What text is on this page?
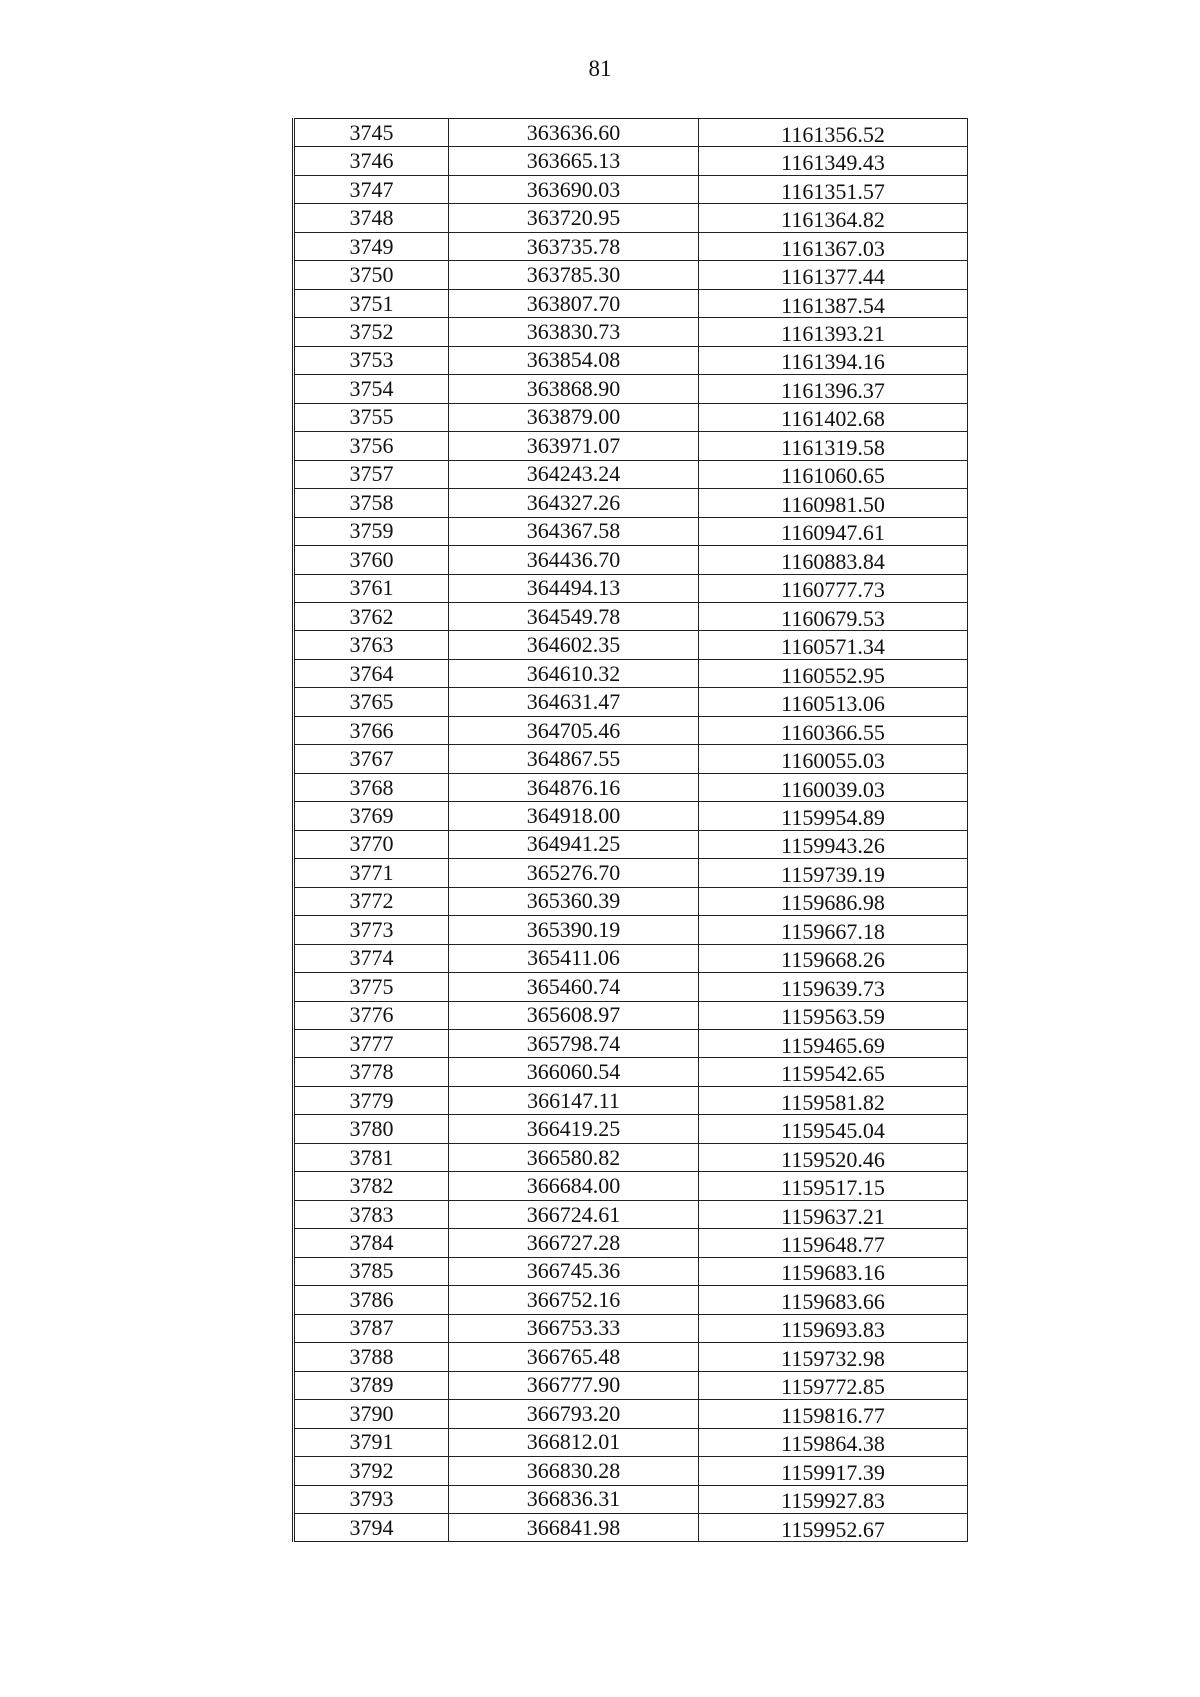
81
3745	363636.60	1161356.52
3746	363665.13	1161349.43
3747	363690.03	1161351.57
3748	363720.95	1161364.82
3749	363735.78	1161367.03
3750	363785.30	1161377.44
3751	363807.70	1161387.54
3752	363830.73	1161393.21
3753	363854.08	1161394.16
3754	363868.90	1161396.37
3755	363879.00	1161402.68
3756	363971.07	1161319.58
3757	364243.24	1161060.65
3758	364327.26	1160981.50
3759	364367.58	1160947.61
3760	364436.70	1160883.84
3761	364494.13	1160777.73
3762	364549.78	1160679.53
3763	364602.35	1160571.34
3764	364610.32	1160552.95
3765	364631.47	1160513.06
3766	364705.46	1160366.55
3767	364867.55	1160055.03
3768	364876.16	1160039.03
3769	364918.00	1159954.89
3770	364941.25	1159943.26
3771	365276.70	1159739.19
3772	365360.39	1159686.98
3773	365390.19	1159667.18
3774	365411.06	1159668.26
3775	365460.74	1159639.73
3776	365608.97	1159563.59
3777	365798.74	1159465.69
3778	366060.54	1159542.65
3779	366147.11	1159581.82
3780	366419.25	1159545.04
3781	366580.82	1159520.46
3782	366684.00	1159517.15
3783	366724.61	1159637.21
3784	366727.28	1159648.77
3785	366745.36	1159683.16
3786	366752.16	1159683.66
3787	366753.33	1159693.83
3788	366765.48	1159732.98
3789	366777.90	1159772.85
3790	366793.20	1159816.77
3791	366812.01	1159864.38
3792	366830.28	1159917.39
3793	366836.31	1159927.83
3794	366841.98	1159952.67
